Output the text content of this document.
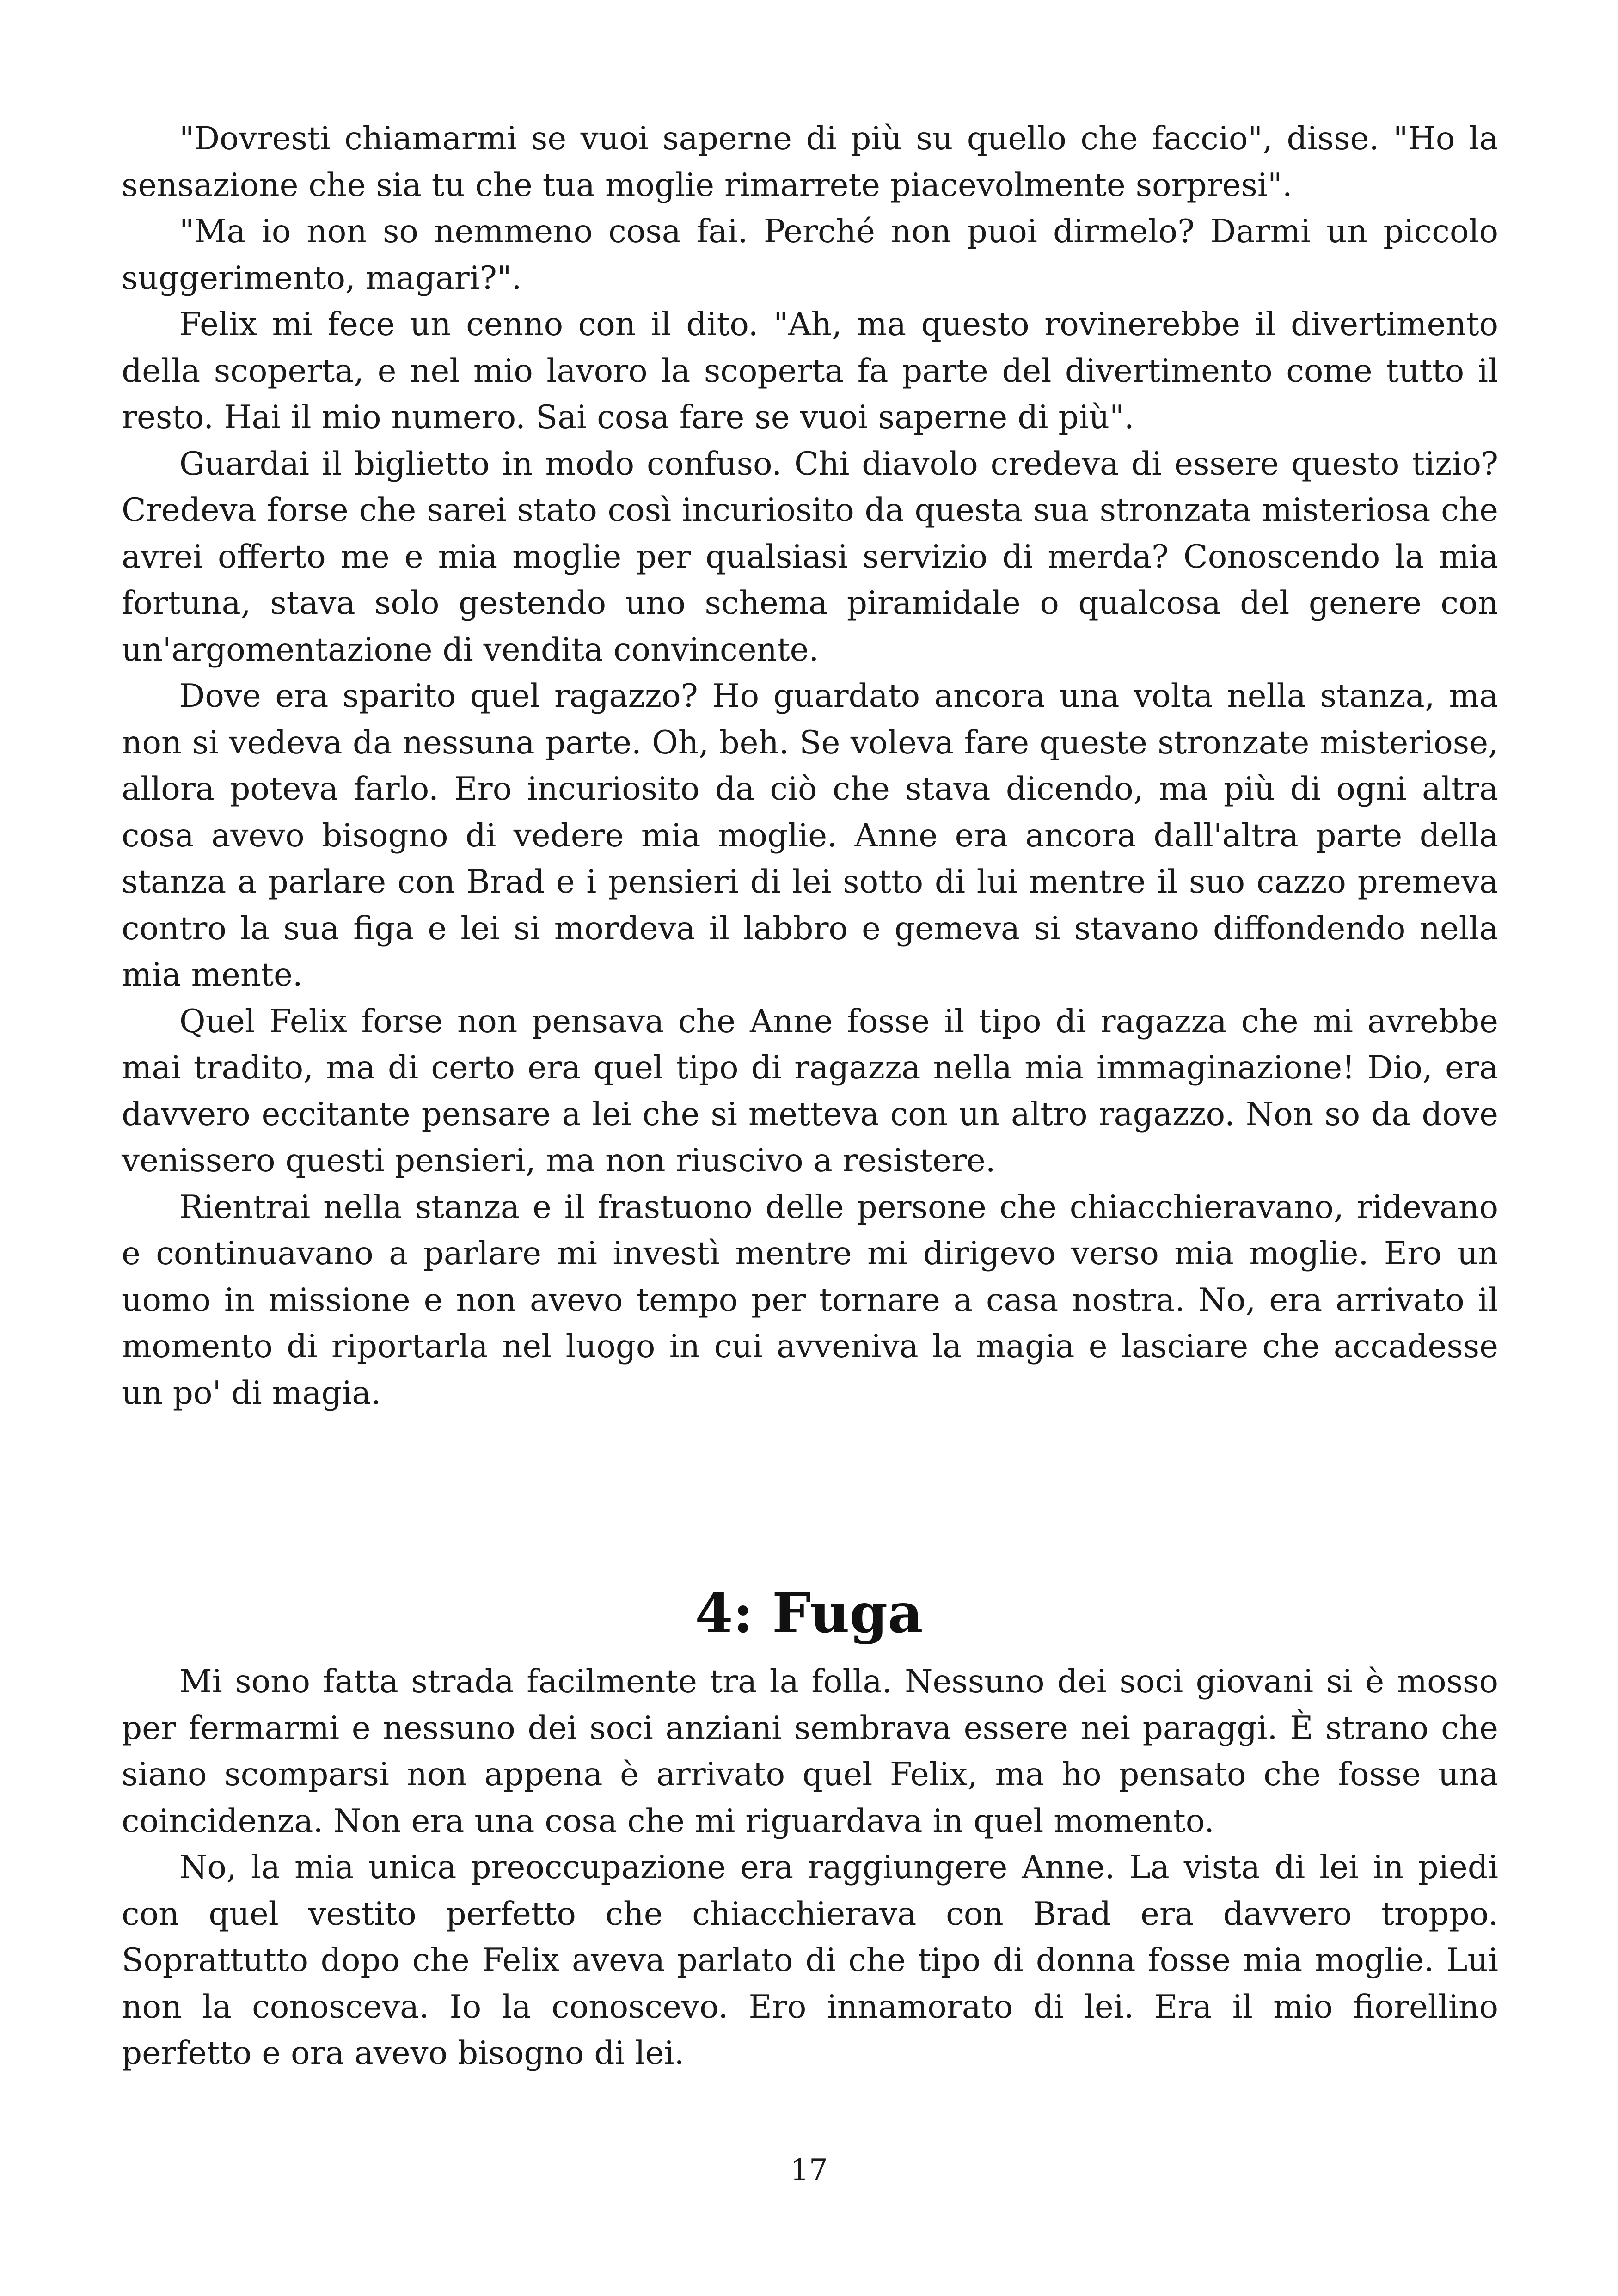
"Dovresti chiamarmi se vuoi saperne di più su quello che faccio", disse. "Ho la sensazione che sia tu che tua moglie rimarrete piacevolmente sorpresi".

"Ma io non so nemmeno cosa fai. Perché non puoi dirmelo? Darmi un piccolo suggerimento, magari?".

Felix mi fece un cenno con il dito. "Ah, ma questo rovinerebbe il divertimento della scoperta, e nel mio lavoro la scoperta fa parte del divertimento come tutto il resto. Hai il mio numero. Sai cosa fare se vuoi saperne di più".

Guardai il biglietto in modo confuso. Chi diavolo credeva di essere questo tizio? Credeva forse che sarei stato così incuriosito da questa sua stronzata misteriosa che avrei offerto me e mia moglie per qualsiasi servizio di merda? Conoscendo la mia fortuna, stava solo gestendo uno schema piramidale o qualcosa del genere con un'argomentazione di vendita convincente.

Dove era sparito quel ragazzo? Ho guardato ancora una volta nella stanza, ma non si vedeva da nessuna parte. Oh, beh. Se voleva fare queste stronzate misteriose, allora poteva farlo. Ero incuriosito da ciò che stava dicendo, ma più di ogni altra cosa avevo bisogno di vedere mia moglie. Anne era ancora dall'altra parte della stanza a parlare con Brad e i pensieri di lei sotto di lui mentre il suo cazzo premeva contro la sua figa e lei si mordeva il labbro e gemeva si stavano diffondendo nella mia mente.

Quel Felix forse non pensava che Anne fosse il tipo di ragazza che mi avrebbe mai tradito, ma di certo era quel tipo di ragazza nella mia immaginazione! Dio, era davvero eccitante pensare a lei che si metteva con un altro ragazzo. Non so da dove venissero questi pensieri, ma non riuscivo a resistere.

Rientrai nella stanza e il frastuono delle persone che chiacchieravano, ridevano e continuavano a parlare mi investì mentre mi dirigevo verso mia moglie. Ero un uomo in missione e non avevo tempo per tornare a casa nostra. No, era arrivato il momento di riportarla nel luogo in cui avveniva la magia e lasciare che accadesse un po' di magia.

4: Fuga

Mi sono fatta strada facilmente tra la folla. Nessuno dei soci giovani si è mosso per fermarmi e nessuno dei soci anziani sembrava essere nei paraggi. È strano che siano scomparsi non appena è arrivato quel Felix, ma ho pensato che fosse una coincidenza. Non era una cosa che mi riguardava in quel momento.

No, la mia unica preoccupazione era raggiungere Anne. La vista di lei in piedi con quel vestito perfetto che chiacchierava con Brad era davvero troppo. Soprattutto dopo che Felix aveva parlato di che tipo di donna fosse mia moglie. Lui non la conosceva. Io la conoscevo. Ero innamorato di lei. Era il mio fiorellino perfetto e ora avevo bisogno di lei.

17
